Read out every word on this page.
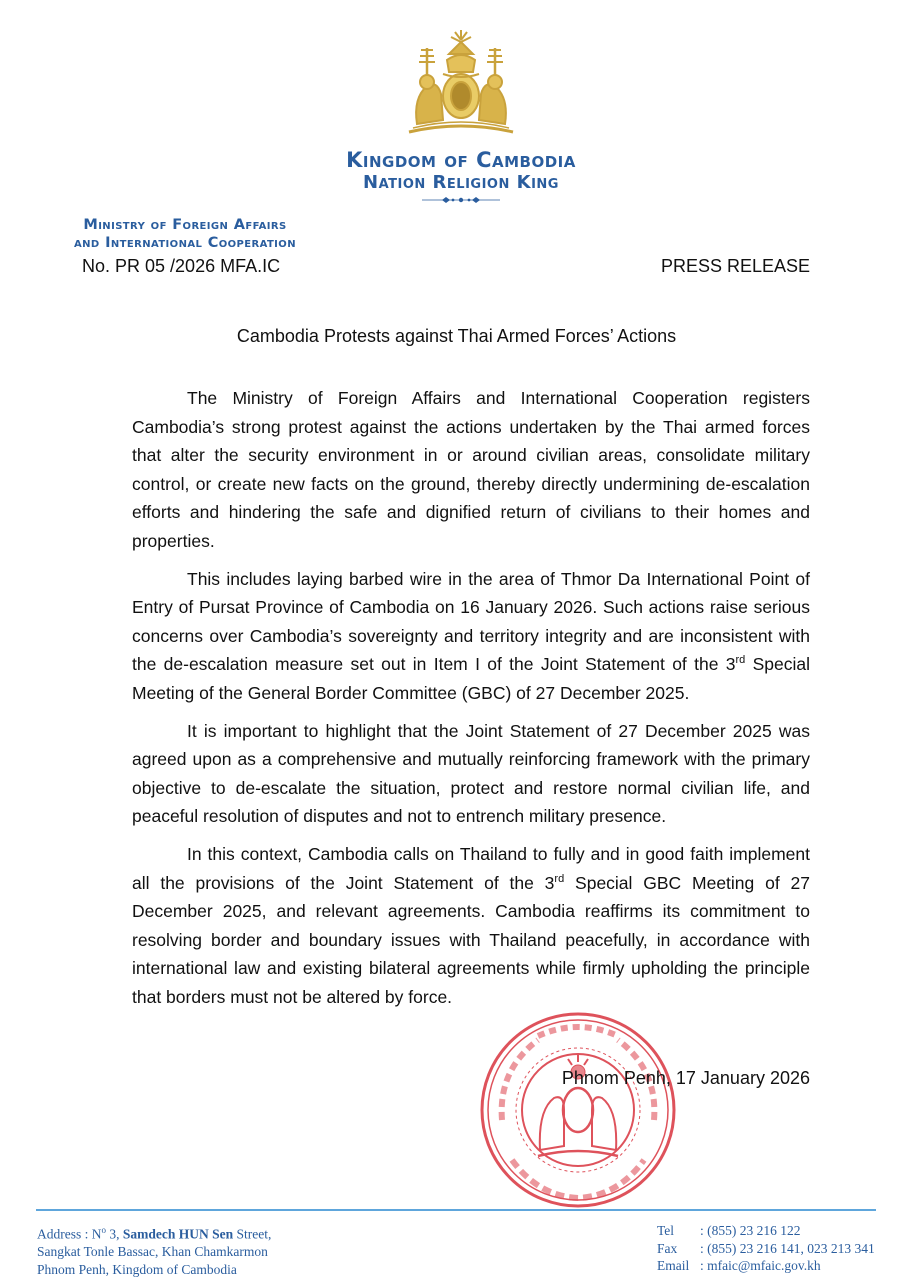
Kingdom of Cambodia
Nation Religion King
Ministry of Foreign Affairs
and International Cooperation
No. PR 05 /2026 MFA.IC	PRESS RELEASE
Cambodia Protests against Thai Armed Forces’ Actions

The Ministry of Foreign Affairs and International Cooperation registers Cambodia’s strong protest against the actions undertaken by the Thai armed forces that alter the security environment in or around civilian areas, consolidate military control, or create new facts on the ground, thereby directly undermining de-escalation efforts and hindering the safe and dignified return of civilians to their homes and properties.

This includes laying barbed wire in the area of Thmor Da International Point of Entry of Pursat Province of Cambodia on 16 January 2026. Such actions raise serious concerns over Cambodia’s sovereignty and territory integrity and are inconsistent with the de-escalation measure set out in Item I of the Joint Statement of the 3rd Special Meeting of the General Border Committee (GBC) of 27 December 2025.

It is important to highlight that the Joint Statement of 27 December 2025 was agreed upon as a comprehensive and mutually reinforcing framework with the primary objective to de-escalate the situation, protect and restore normal civilian life, and peaceful resolution of disputes and not to entrench military presence.

In this context, Cambodia calls on Thailand to fully and in good faith implement all the provisions of the Joint Statement of the 3rd Special GBC Meeting of 27 December 2025, and relevant agreements. Cambodia reaffirms its commitment to resolving border and boundary issues with Thailand peacefully, in accordance with international law and existing bilateral agreements while firmly upholding the principle that borders must not be altered by force.

Phnom Penh, 17 January 2026
Address : $N^o$ 3, Samdech HUN Sen Street,
Sangkat Tonle Bassac, Khan Chamkarmon
Phnom Penh, Kingdom of Cambodia
Tel : (855) 23 216 122
Fax : (855) 23 216 141, 023 213 341
Email : mfaic@mfaic.gov.kh
